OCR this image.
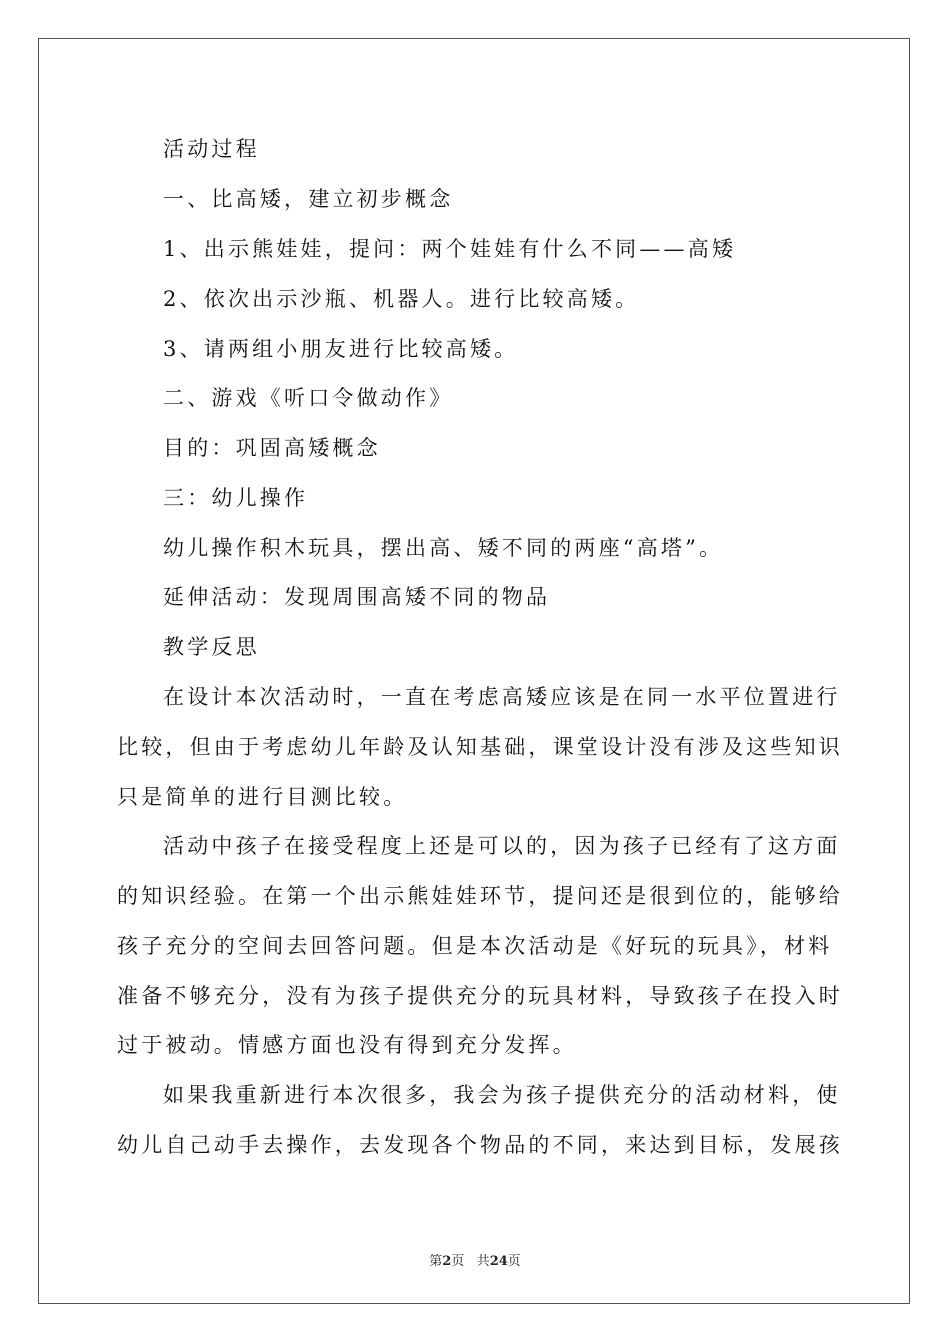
活动过程
一、比高矮，建立初步概念
1、出示熊娃娃，提问：两个娃娃有什么不同——高矮
2、依次出示沙瓶、机器人。进行比较高矮。
3、请两组小朋友进行比较高矮。
二、游戏《听口令做动作》
目的：巩固高矮概念
三：幼儿操作
幼儿操作积木玩具，摆出高、矮不同的两座“高塔”。
延伸活动：发现周围高矮不同的物品
教学反思
在设计本次活动时，一直在考虑高矮应该是在同一水平位置进行
比较，但由于考虑幼儿年龄及认知基础，课堂设计没有涉及这些知识
只是简单的进行目测比较。
活动中孩子在接受程度上还是可以的，因为孩子已经有了这方面
的知识经验。在第一个出示熊娃娃环节，提问还是很到位的，能够给
孩子充分的空间去回答问题。但是本次活动是《好玩的玩具》，材料
准备不够充分，没有为孩子提供充分的玩具材料，导致孩子在投入时
过于被动。情感方面也没有得到充分发挥。
如果我重新进行本次很多，我会为孩子提供充分的活动材料，使
幼儿自己动手去操作，去发现各个物品的不同，来达到目标，发展孩
第2页 共24页
